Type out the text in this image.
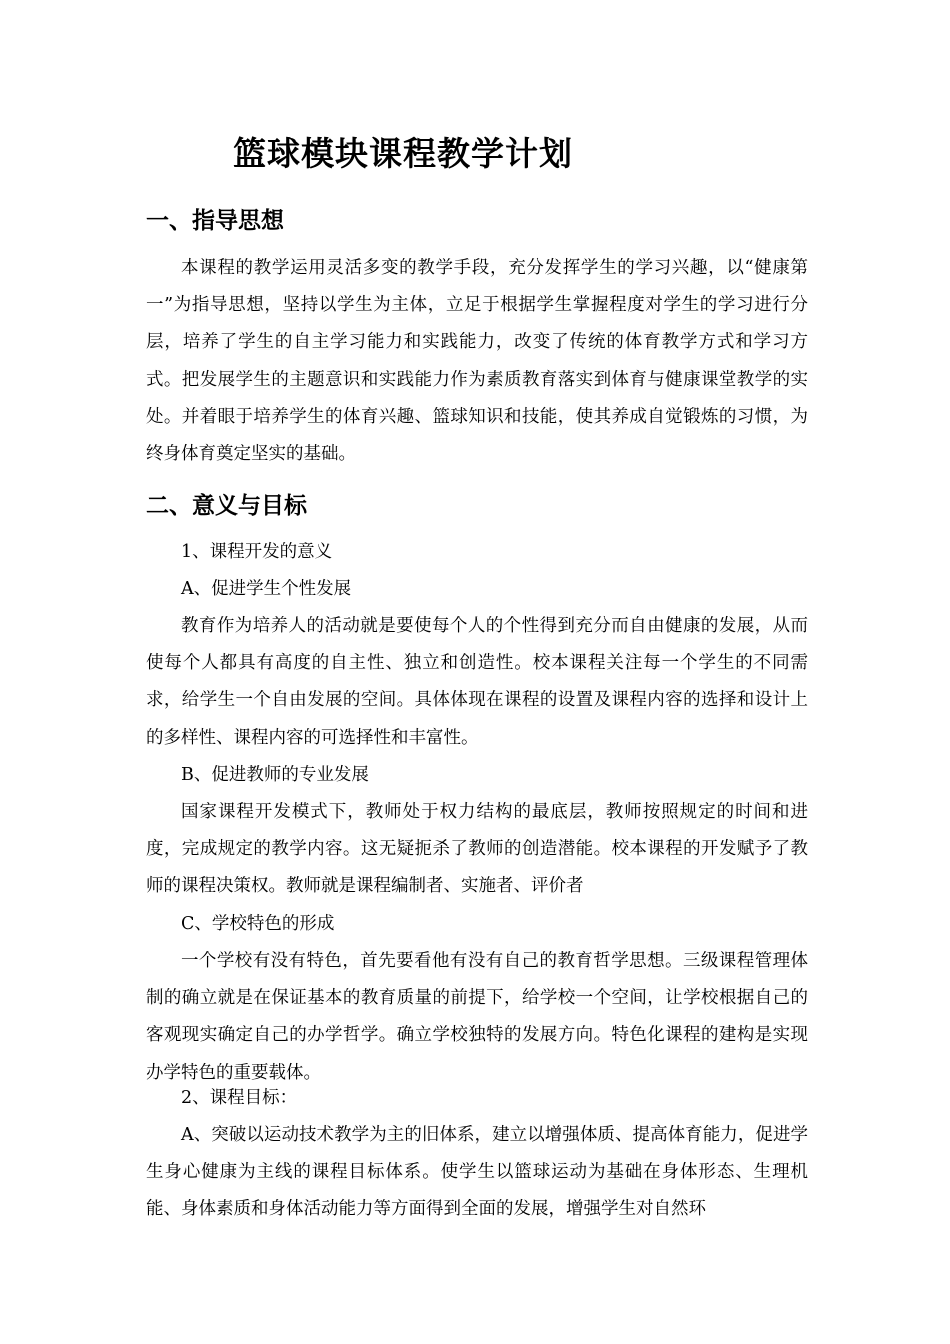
篮球模块课程教学计划
一、指导思想

本课程的教学运用灵活多变的教学手段，充分发挥学生的学习兴趣，以“健康第一”为指导思想，坚持以学生为主体，立足于根据学生掌握程度对学生的学习进行分层，培养了学生的自主学习能力和实践能力，改变了传统的体育教学方式和学习方式。把发展学生的主题意识和实践能力作为素质教育落实到体育与健康课堂教学的实处。并着眼于培养学生的体育兴趣、篮球知识和技能，使其养成自觉锻炼的习惯，为终身体育奠定坚实的基础。

二、意义与目标
1、课程开发的意义
A、促进学生个性发展

教育作为培养人的活动就是要使每个人的个性得到充分而自由健康的发展，从而使每个人都具有高度的自主性、独立和创造性。校本课程关注每一个学生的不同需求，给学生一个自由发展的空间。具体体现在课程的设置及课程内容的选择和设计上的多样性、课程内容的可选择性和丰富性。

B、促进教师的专业发展

国家课程开发模式下，教师处于权力结构的最底层，教师按照规定的时间和进度，完成规定的教学内容。这无疑扼杀了教师的创造潜能。校本课程的开发赋予了教师的课程决策权。教师就是课程编制者、实施者、评价者

C、学校特色的形成

一个学校有没有特色，首先要看他有没有自己的教育哲学思想。三级课程管理体制的确立就是在保证基本的教育质量的前提下，给学校一个空间，让学校根据自己的客观现实确定自己的办学哲学。确立学校独特的发展方向。特色化课程的建构是实现办学特色的重要载体。

2、课程目标：

A、突破以运动技术教学为主的旧体系，建立以增强体质、提高体育能力，促进学生身心健康为主线的课程目标体系。使学生以篮球运动为基础在身体形态、生理机能、身体素质和身体活动能力等方面得到全面的发展，增强学生对自然环
